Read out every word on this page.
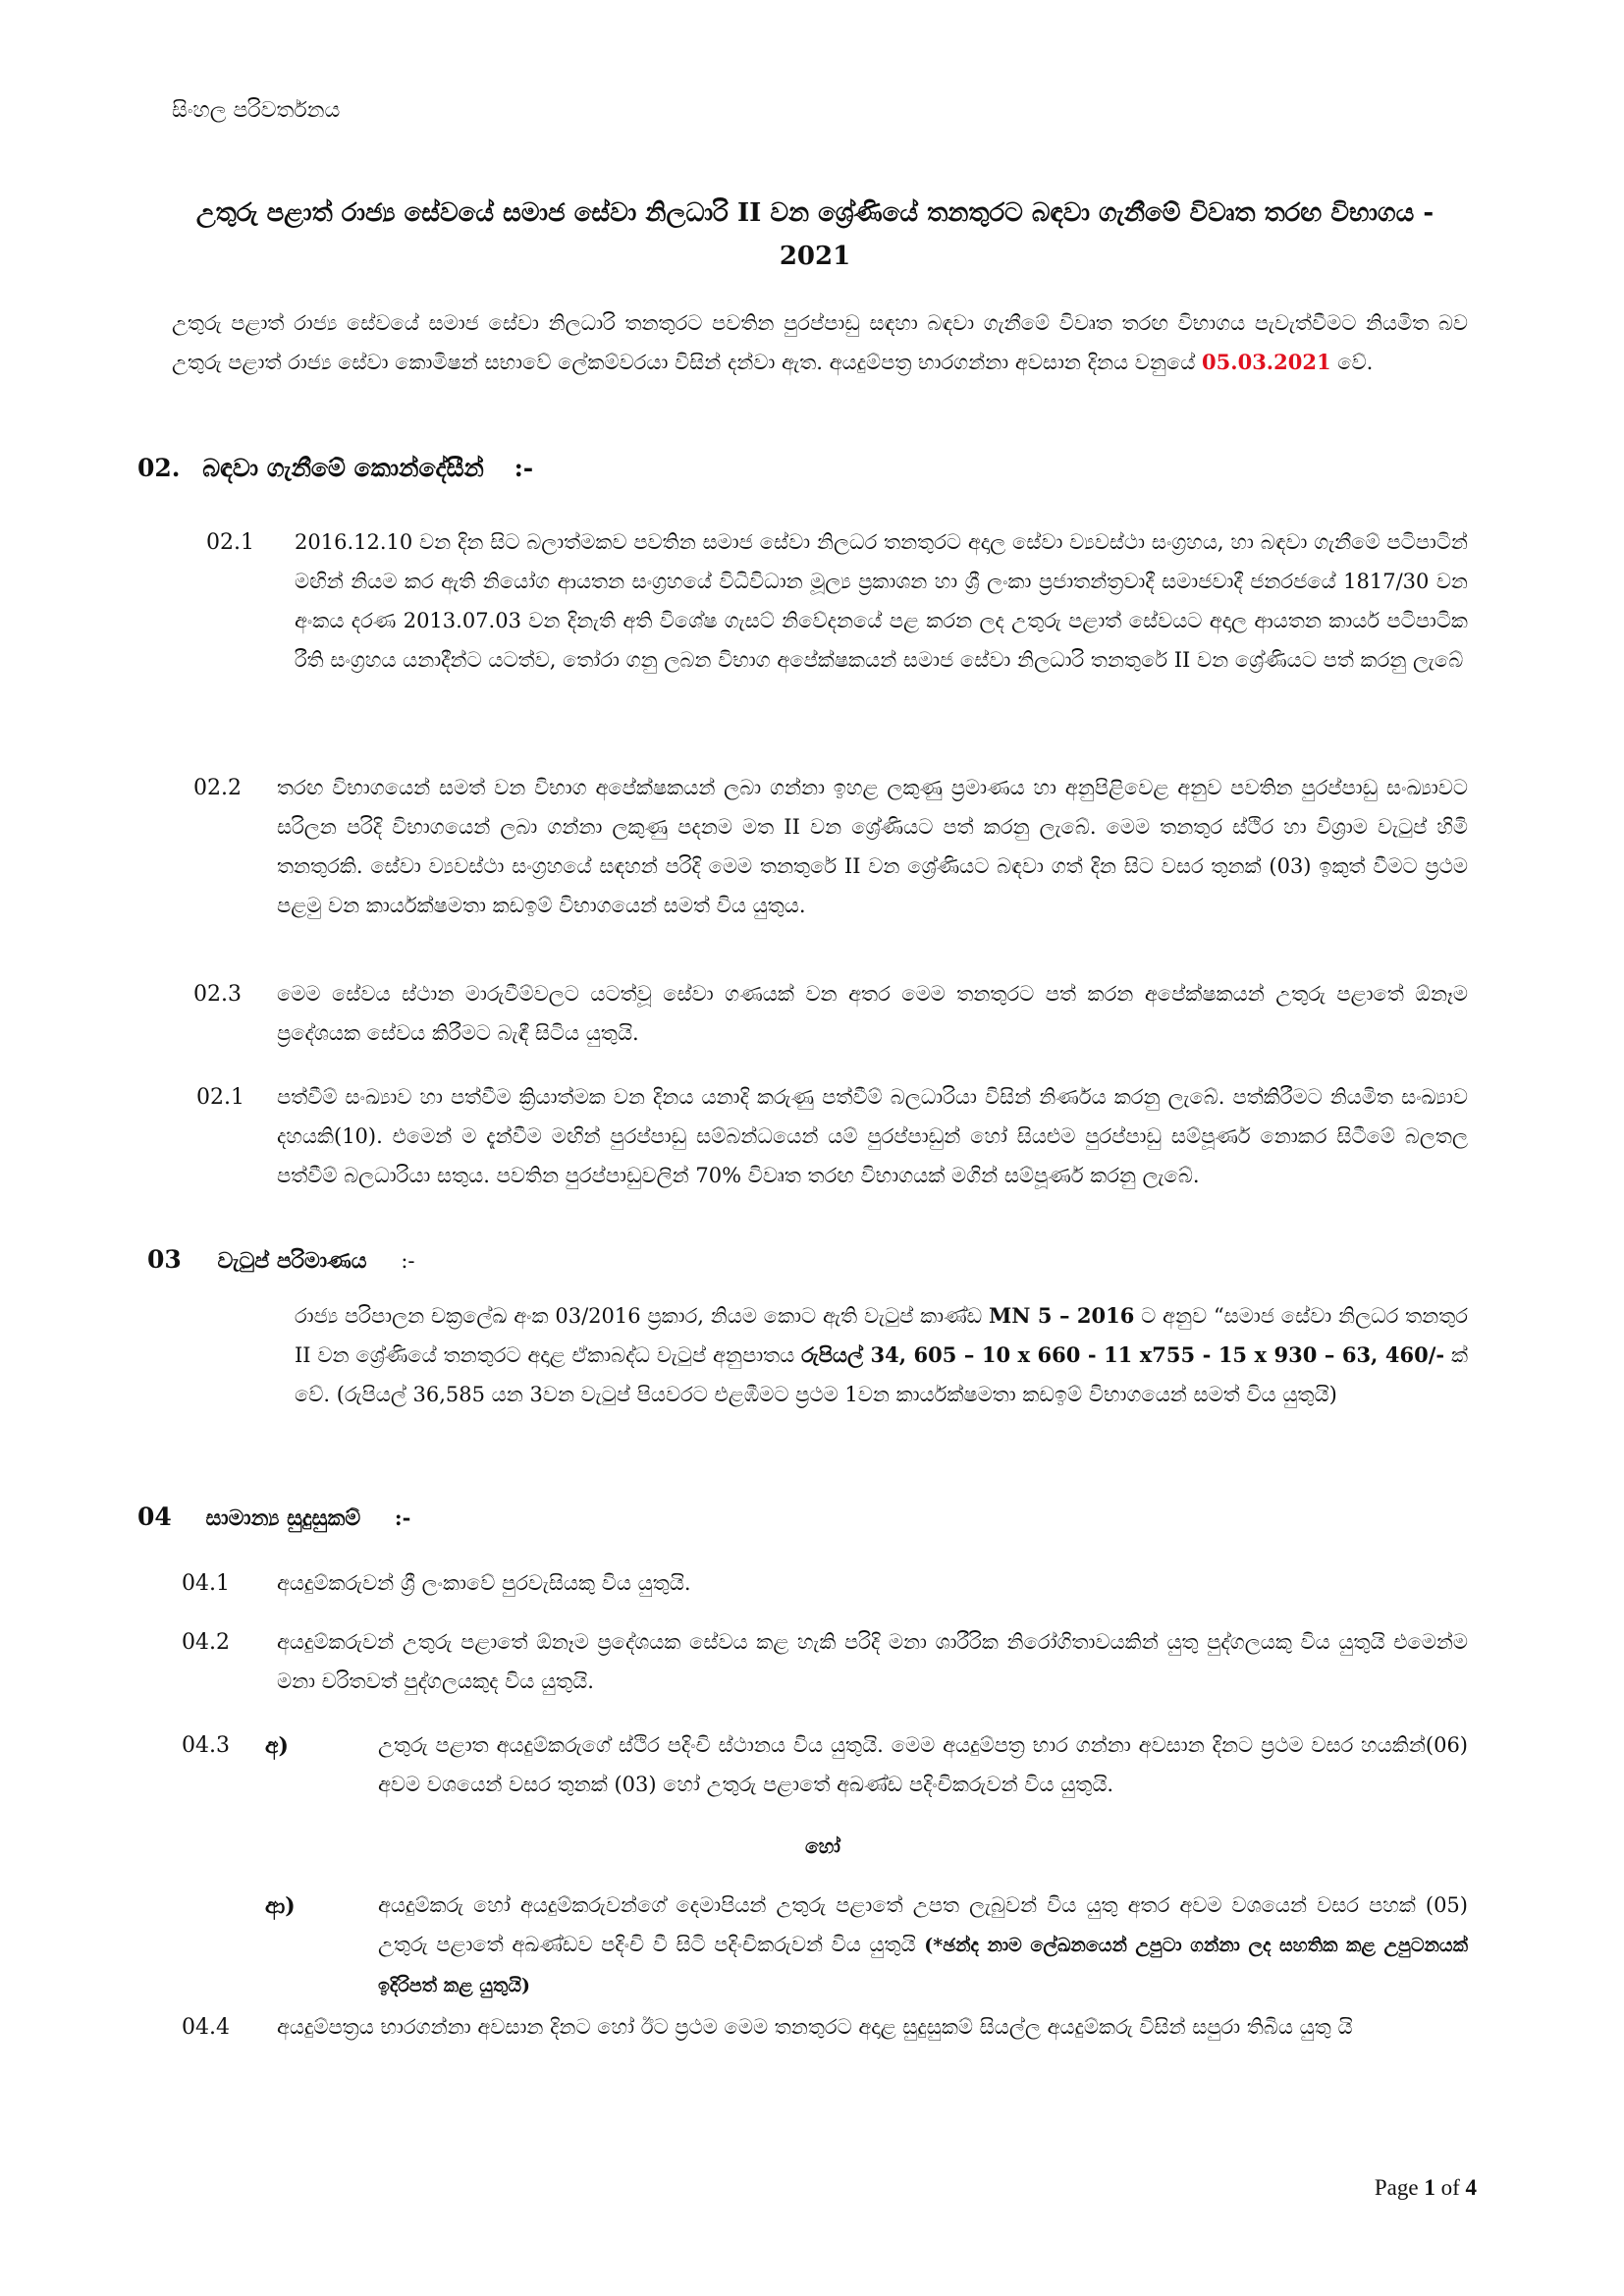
සිංහල පරිවර්තනය
උතුරු පළාත් රාජ්‍ය සේවයේ සමාජ සේවා නිලධාරි II වන ශ්‍රේණියේ තනතුරට බඳවා ගැනීමේ විවෘත තරඟ විභාගය - 2021
උතුරු පළාත් රාජ්‍ය සේවයේ සමාජ සේවා නිලධාරි තනතුරට පවතින පුරප්පාඩු සඳහා බඳවා ගැනීමේ විවෘත තරඟ විභාගය පැවැත්වීමට නියමිත බව උතුරු පළාත් රාජ්‍ය සේවා කොමිෂන් සභාවේ ලේකම්වරයා විසින් දන්වා ඇත. අයදුම්පත්‍ර භාරගන්නා අවසාන දිනය වනුයේ 05.03.2021 වේ.
02. බඳවා ගැනීමේ කොන්දේසීන් :-
02.1 2016.12.10 වන දින සිට බලාත්මකව පවතින සමාජ සේවා නිලධර තනතුරට අදාල සේවා ව්‍යවස්ථා සංග්‍රහය, හා බඳවා ගැනීමේ පටිපාටින් මඟින් නියම කර ඇති නියෝග ආයතන සංග්‍රහයේ විධිවිධාන මූල්‍ය ප්‍රකාශන හා ශ්‍රී ලංකා ප්‍රජාතන්ත්‍රවාදී සමාජවාදී ජනරජයේ 1817/30 වන අංකය දරණ 2013.07.03 වන දිනැති අති විශේෂ ගැසට් නිවේදනයේ පළ කරන ලද උතුරු පළාත් සේවයට අදාල ආයතන කාර්ය පටිපාටික රීති සංග්‍රහය යනාදීන්ට යටත්ව, තෝරා ගනු ලබන විභාග අපේක්ෂකයන් සමාජ සේවා නිලධාරි තනතුරේ II වන ශ්‍රේණියට පත් කරනු ලැබේ
02.2 තරඟ විභාගයෙන් සමත් වන විභාග අපේක්ෂකයන් ලබා ගන්නා ඉහළ ලකුණු ප්‍රමාණය හා අනුපිළිවෙළ අනුව පවතින පුරප්පාඩු සංඛ්‍යාවට සරිලන පරිදි විභාගයෙන් ලබා ගන්නා ලකුණු පදනම මත II වන ශ්‍රේණියට පත් කරනු ලැබේ. මෙම තනතුර ස්ථිර හා විශ්‍රාම වැටුප් හිමි තනතුරකි. සේවා ව්‍යවස්ථා සංග්‍රහයේ සඳහන් පරිදි මෙම තනතුරේ II වන ශ්‍රේණියට බඳවා ගත් දින සිට වසර තුනක් (03) ඉකුත් වීමට ප්‍රථම පළමු වන කාර්යක්ෂමතා කඩඉම් විභාගයෙන් සමත් විය යුතුය.
02.3 මෙම සේවය ස්ථාන මාරුවීම්වලට යටත්වූ සේවා ගණයක් වන අතර මෙම තනතුරට පත් කරන අපේක්ෂකයන් උතුරු පළාතේ ඕනෑම ප්‍රදේශයක සේවය කිරීමට බැඳී සිටිය යුතුයි.
02.1 පත්වීම් සංඛ්‍යාව හා පත්වීම ක්‍රියාත්මක වන දිනය යනාදි කරුණු පත්වීම් බලධාරියා විසින් නිර්ණය කරනු ලැබේ. පත්කිරීමට නියමිත සංඛ්‍යාව දහයකි(10). එමෙන් ම දැන්වීම මඟින් පුරප්පාඩු සම්බන්ධයෙන් යම් පුරප්පාඩුන් හෝ සියළුම පුරප්පාඩු සම්පූර්ණ නොකර සිටීමේ බලතල පත්වීම් බලධාරියා සතුය. පවතින පුරප්පාඩුවලින් 70% විවෘත තරඟ විභාගයක් මගින් සම්පූර්ණ කරනු ලැබේ.
03 වැටුප් පරිමාණය :-
රාජ්‍ය පරිපාලන චක්‍රලේඛ අංක 03/2016 ප්‍රකාර, නියම කොට ඇති වැටුප් කාණ්ඩ MN 5 – 2016 ට අනුව “සමාජ සේවා නිලධර තනතුර II වන ශ්‍රේණියේ තනතුරට අදාළ ඒකාබද්ධ වැටුප් අනුපාතය රුපියල් 34, 605 – 10 x 660 - 11 x755 - 15 x 930 – 63, 460/- ක් වේ. (රුපියල් 36,585 යන 3වන වැටුප් පියවරට එළඹීමට ප්‍රථම 1වන කාර්යක්ෂමතා කඩඉම් විභාගයෙන් සමත් විය යුතුයි)
04 සාමාන්‍ය සුදුසුකම් :-
04.1 අයදුම්කරුවන් ශ්‍රී ලංකාවේ පුරවැසියකු විය යුතුයි.
04.2 අයදුම්කරුවන් උතුරු පළාතේ ඕනෑම ප්‍රදේශයක සේවය කළ හැකි පරිදි මනා ශාරීරික නිරෝගිතාවයකින් යුතු පුද්ගලයකු විය යුතුයි එමෙන්ම මනා චරිතවත් පුද්ගලයකුද විය යුතුයි.
04.3 අ)	උතුරු පළාත අයදුම්කරුගේ ස්ථිර පදිංචි ස්ථානය විය යුතුයි. මෙම අයදුම්පත්‍ර භාර ගන්නා අවසාන දිනට ප්‍රථම වසර හයකින්(06) අවම වශයෙන් වසර තුනක් (03) හෝ උතුරු පළාතේ අඛණ්ඩ පදිංචිකරුවන් විය යුතුයි.
හෝ
ආ)	අයදුම්කරු හෝ අයදුම්කරුවන්ගේ දෙමාපියන් උතුරු පළාතේ උපත ලැබුවන් විය යුතු අතර අවම වශයෙන් වසර පහක් (05) උතුරු පළාතේ අඛණ්ඩව පදිංචි වී සිටි පදිංචිකරුවන් විය යුතුයි (*ඡන්ද නාම ලේඛනයෙන් උපුටා ගන්නා ලද සහතික කළ උපුටනයක් ඉදිරිපත් කළ යුතුයි)
04.4 අයදුම්පත්‍රය භාරගන්නා අවසාන දිනට හෝ ඊට ප්‍රථම මෙම තනතුරට අදාළ සුදුසුකම් සියල්ල අයදුම්කරු විසින් සපුරා තිබිය යුතු යි
Page 1 of 4
